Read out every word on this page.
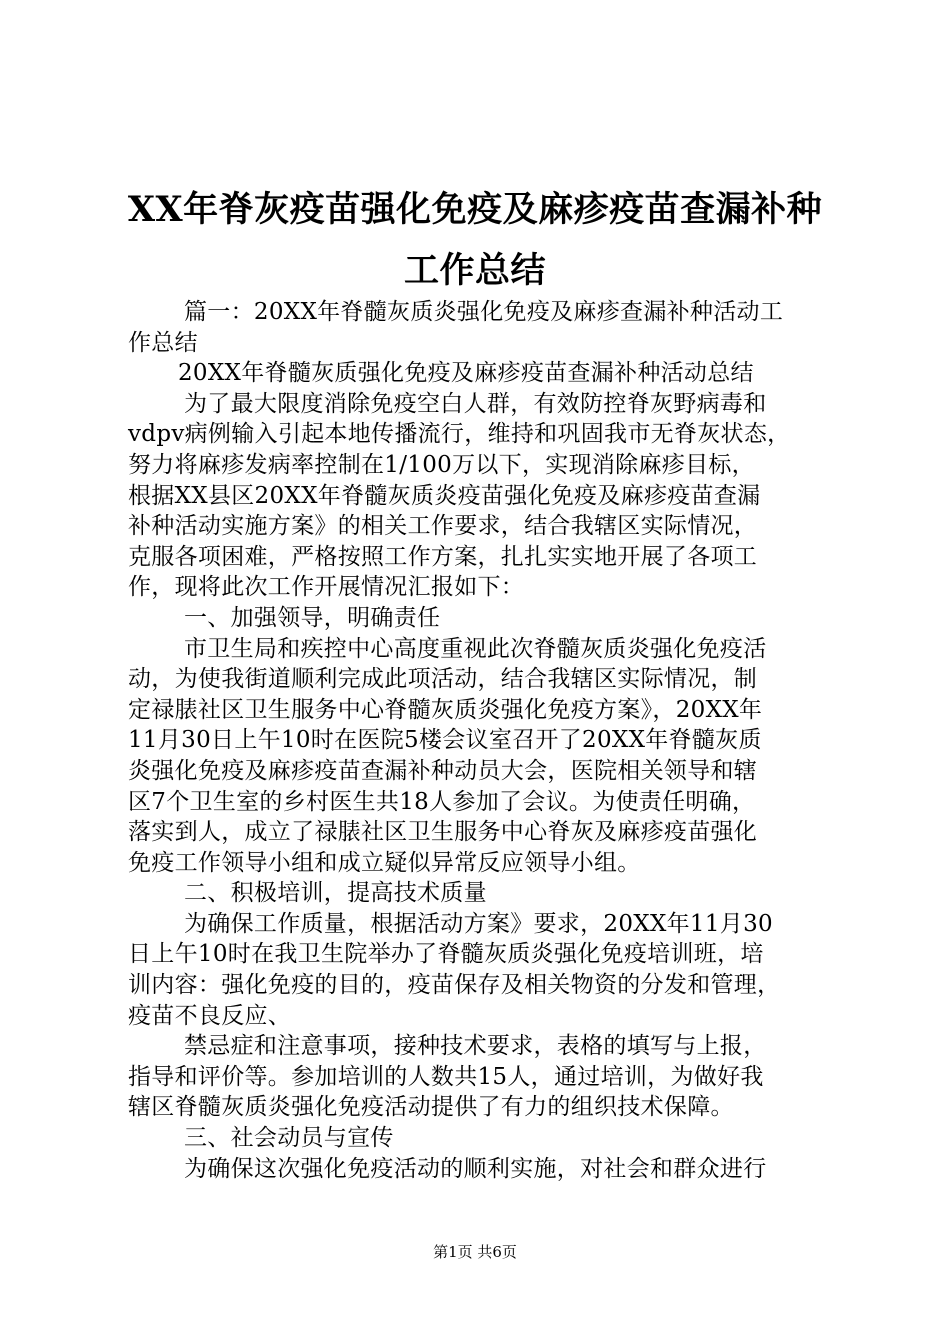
XX年脊灰疫苗强化免疫及麻疹疫苗查漏补种
工作总结
篇一：20XX年脊髓灰质炎强化免疫及麻疹查漏补种活动工
作总结
20XX年脊髓灰质强化免疫及麻疹疫苗查漏补种活动总结
为了最大限度消除免疫空白人群，有效防控脊灰野病毒和
vdpv病例输入引起本地传播流行，维持和巩固我市无脊灰状态，
努力将麻疹发病率控制在1/100万以下，实现消除麻疹目标，
根据XX县区20XX年脊髓灰质炎疫苗强化免疫及麻疹疫苗查漏
补种活动实施方案》的相关工作要求，结合我辖区实际情况，
克服各项困难，严格按照工作方案，扎扎实实地开展了各项工
作，现将此次工作开展情况汇报如下：
一、加强领导，明确责任
市卫生局和疾控中心高度重视此次脊髓灰质炎强化免疫活
动，为使我街道顺利完成此项活动，结合我辖区实际情况，制
定禄脿社区卫生服务中心脊髓灰质炎强化免疫方案》，20XX年
11月30日上午10时在医院5楼会议室召开了20XX年脊髓灰质
炎强化免疫及麻疹疫苗查漏补种动员大会，医院相关领导和辖
区7个卫生室的乡村医生共18人参加了会议。为使责任明确，
落实到人，成立了禄脿社区卫生服务中心脊灰及麻疹疫苗强化
免疫工作领导小组和成立疑似异常反应领导小组。
二、积极培训，提高技术质量
为确保工作质量，根据活动方案》要求，20XX年11月30
日上午10时在我卫生院举办了脊髓灰质炎强化免疫培训班，培
训内容：强化免疫的目的，疫苗保存及相关物资的分发和管理，
疫苗不良反应、
禁忌症和注意事项，接种技术要求，表格的填写与上报，
指导和评价等。参加培训的人数共15人，通过培训，为做好我
辖区脊髓灰质炎强化免疫活动提供了有力的组织技术保障。
三、社会动员与宣传
为确保这次强化免疫活动的顺利实施，对社会和群众进行
第1页 共6页
